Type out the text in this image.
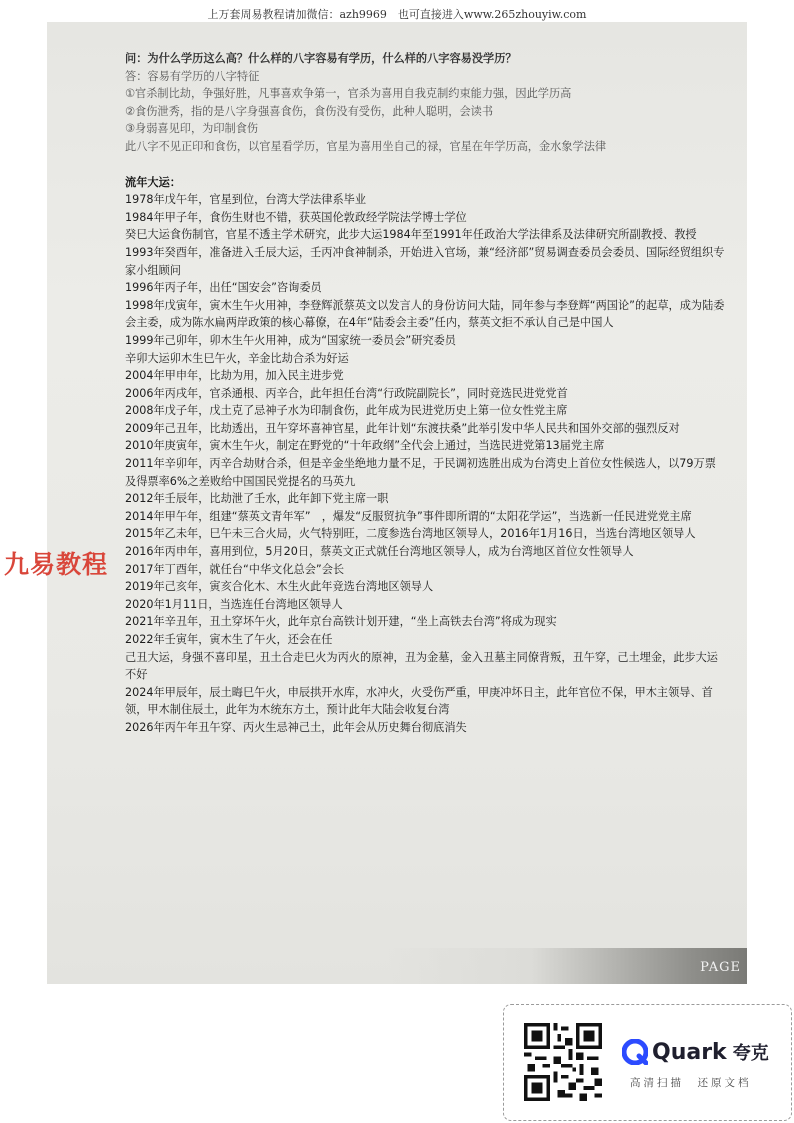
上万套周易教程请加微信：azh9969　也可直接进入www.265zhouyiw.com

问：为什么学历这么高？什么样的八字容易有学历，什么样的八字容易没学历？

答：容易有学历的八字特征

①官杀制比劫，争强好胜，凡事喜欢争第一，官杀为喜用自我克制约束能力强，因此学历高

②食伤泄秀，指的是八字身强喜食伤，食伤没有受伤，此种人聪明，会读书

③身弱喜见印，为印制食伤

此八字不见正印和食伤，以官星看学历，官星为喜用坐自己的禄，官星在年学历高，金水象学法律

流年大运：

1978年戊午年，官星到位，台湾大学法律系毕业

1984年甲子年，食伤生财也不错，获英国伦敦政经学院法学博士学位

癸巳大运食伤制官，官星不透主学术研究，此步大运1984年至1991年任政治大学法律系及法律研究所副教授、教授

1993年癸酉年，准备进入壬辰大运，壬丙冲食神制杀，开始进入官场，兼“经济部”贸易调查委员会委员、国际经贸组织专家小组顾问

1996年丙子年，出任“国安会”咨询委员

1998年戊寅年，寅木生午火用神，李登辉派蔡英文以发言人的身份访问大陆，同年参与李登辉“两国论”的起草，成为陆委会主委，成为陈水扁两岸政策的核心幕僚，在4年“陆委会主委”任内，蔡英文拒不承认自己是中国人

1999年己卯年，卯木生午火用神，成为“国家统一委员会”研究委员

辛卯大运卯木生巳午火，辛金比劫合杀为好运

2004年甲申年，比劫为用，加入民主进步党

2006年丙戌年，官杀通根、丙辛合，此年担任台湾“行政院副院长”，同时竞选民进党党首

2008年戊子年，戊土克了忌神子水为印制食伤，此年成为民进党历史上第一位女性党主席

2009年己丑年，比劫透出，丑午穿坏喜神官星，此年计划“东渡扶桑”此举引发中华人民共和国外交部的强烈反对

2010年庚寅年，寅木生午火，制定在野党的“十年政纲”全代会上通过，当选民进党第13届党主席

2011年辛卯年，丙辛合劫财合杀，但是辛金坐绝地力量不足，于民调初选胜出成为台湾史上首位女性候选人，以79万票及得票率6%之差败给中国国民党提名的马英九

2012年壬辰年，比劫泄了壬水，此年卸下党主席一职

2014年甲午年，组建“蔡英文青年军”　，爆发“反服贸抗争”事件即所谓的“太阳花学运”，当选新一任民进党党主席

2015年乙未年，巳午未三合火局，火气特别旺，二度参选台湾地区领导人，2016年1月16日，当选台湾地区领导人

2016年丙申年，喜用到位，5月20日，蔡英文正式就任台湾地区领导人，成为台湾地区首位女性领导人

2017年丁酉年，就任台“中华文化总会”会长

2019年己亥年，寅亥合化木、木生火此年竞选台湾地区领导人

2020年1月11日，当选连任台湾地区领导人

2021年辛丑年，丑土穿坏午火，此年京台高铁计划开建，“坐上高铁去台湾”将成为现实

2022年壬寅年，寅木生了午火，还会在任

己丑大运，身强不喜印星，丑土合走巳火为丙火的原神，丑为金墓，金入丑墓主同僚背叛，丑午穿，己土埋金，此步大运不好

2024年甲辰年，辰土晦巳午火，申辰拱开水库，水冲火，火受伤严重，甲庚冲坏日主，此年官位不保，甲木主领导、首领，甲木制住辰土，此年为木统东方土，预计此年大陆会收复台湾

2026年丙午年丑午穿、丙火生忌神己土，此年会从历史舞台彻底消失

PAGE
九易教程
Quark 夸克
高清扫描　还原文档
